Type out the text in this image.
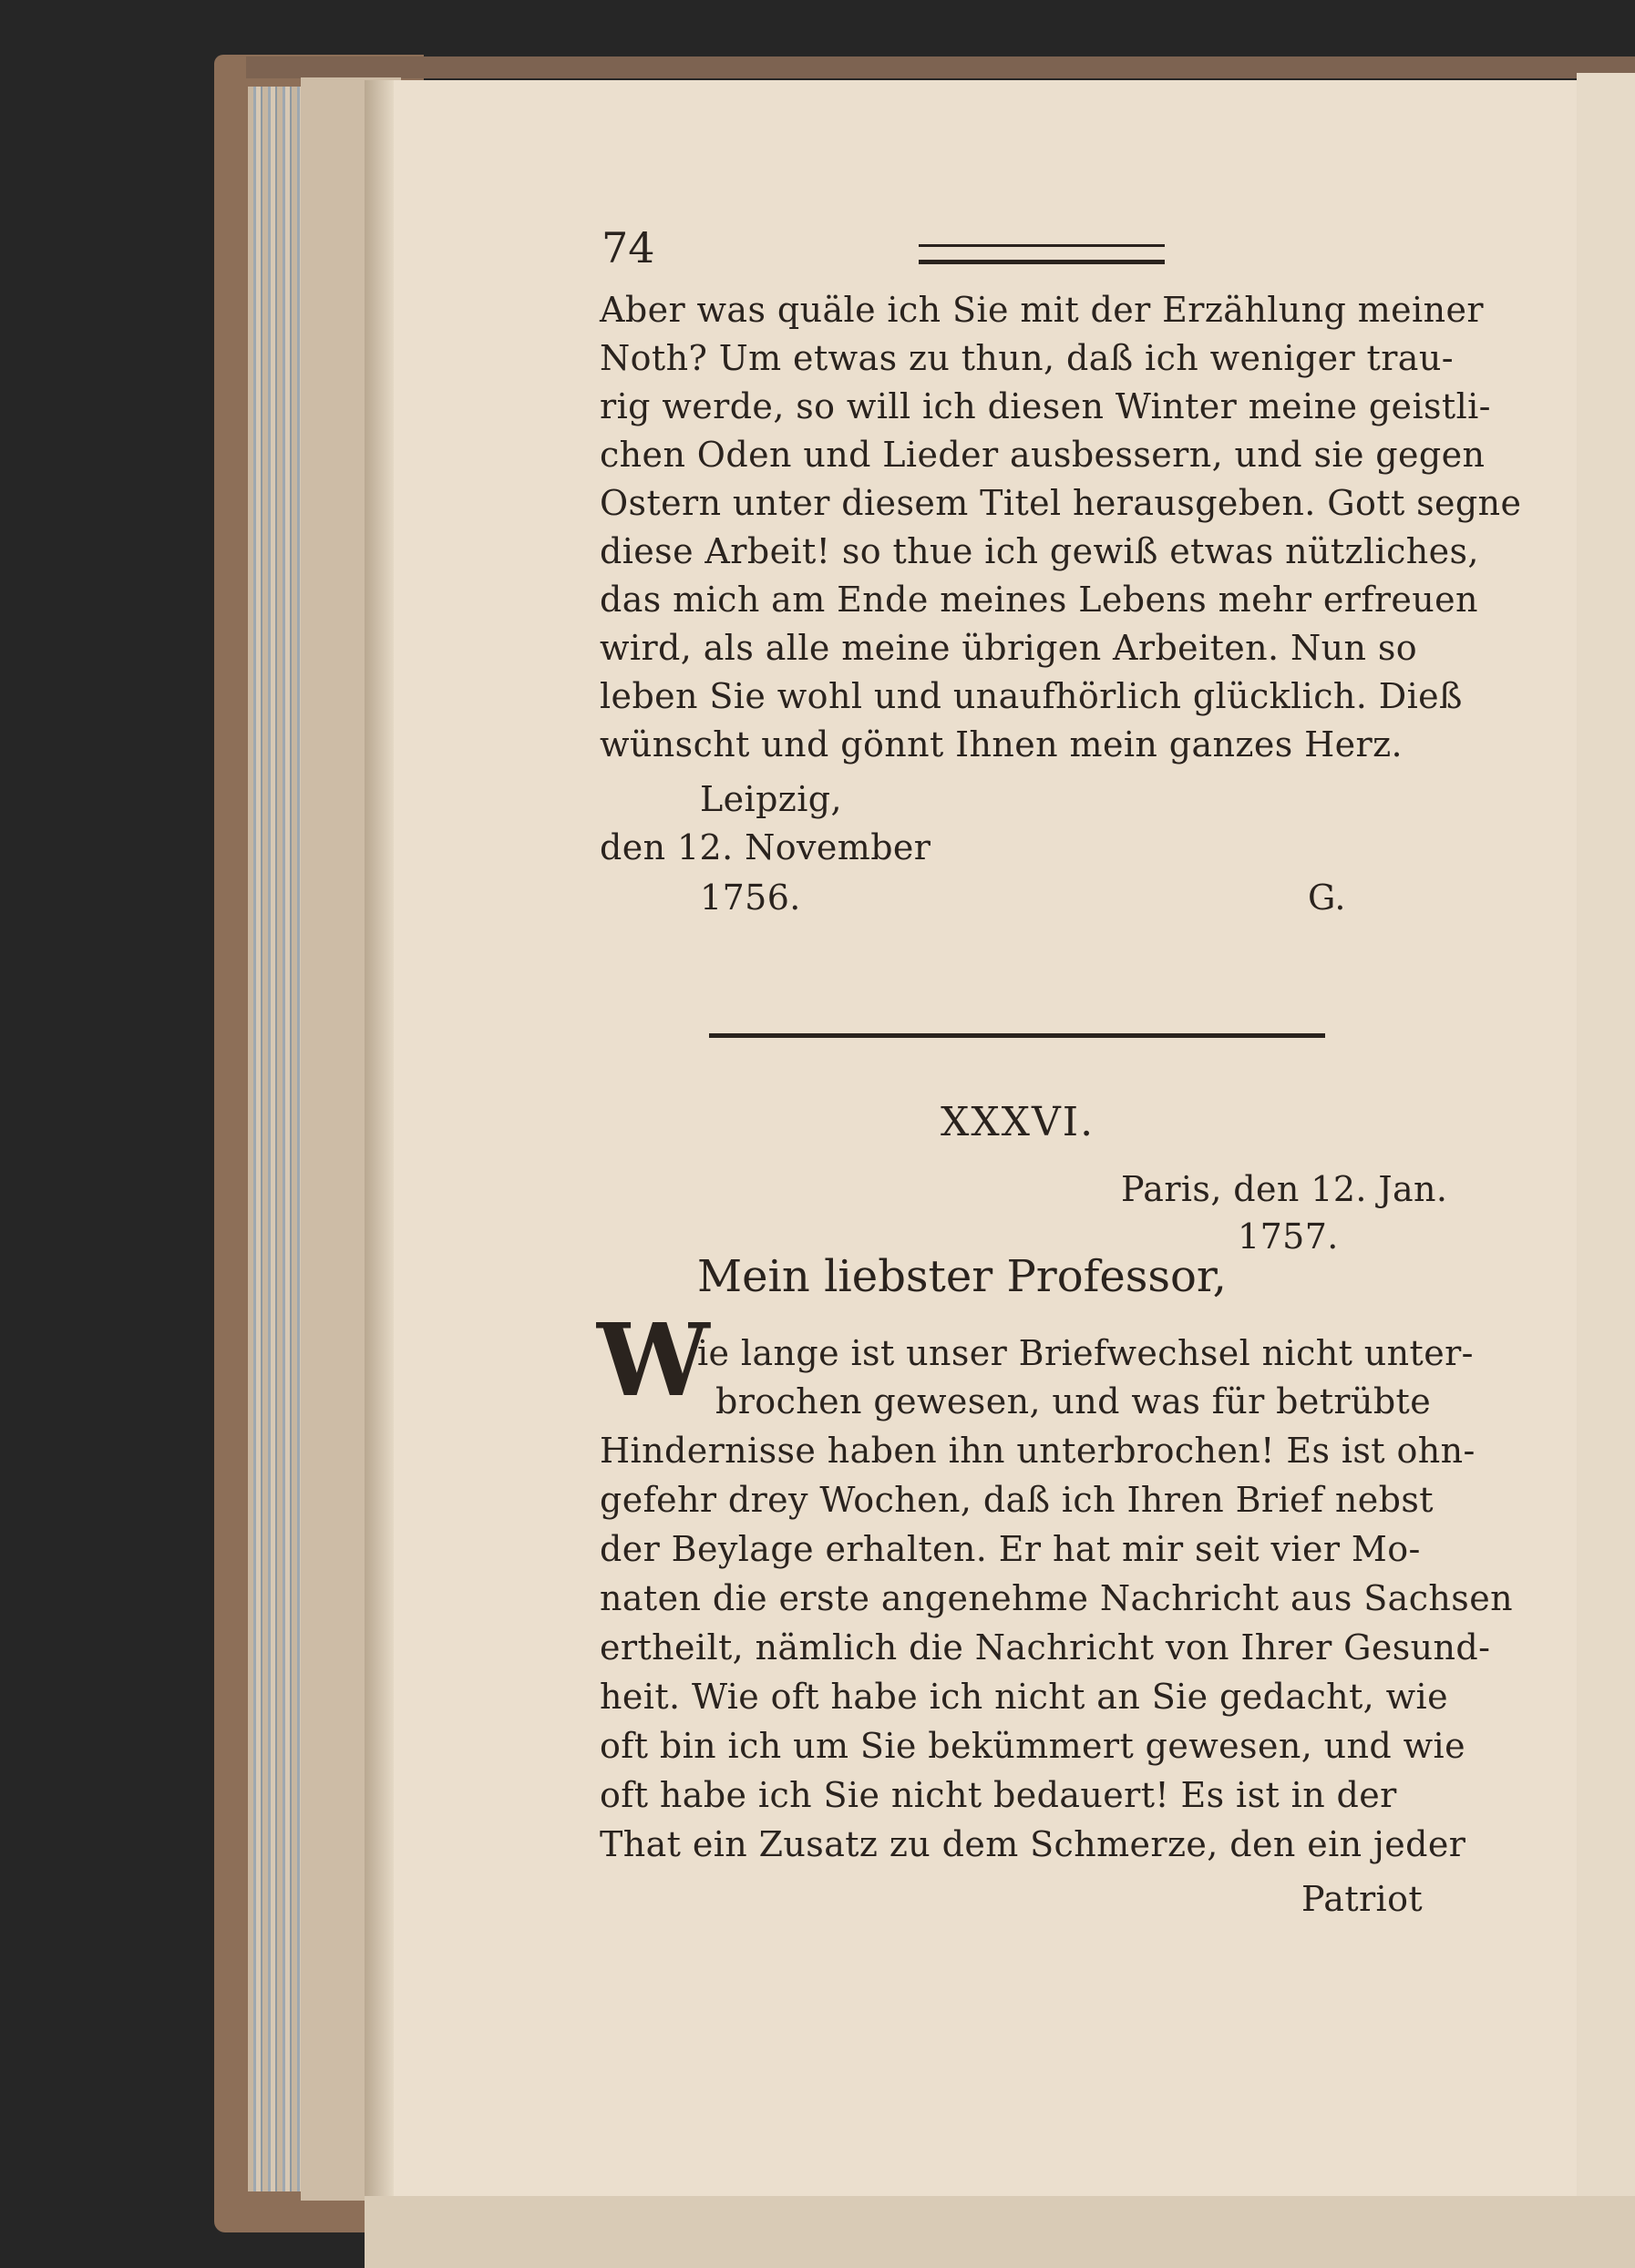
74
Aber was quäle ich Sie mit der Erzählung meiner
Noth? Um etwas zu thun, daß ich weniger trau-
rig werde, so will ich diesen Winter meine geistli-
chen Oden und Lieder ausbessern, und sie gegen
Ostern unter diesem Titel herausgeben. Gott segne
diese Arbeit! so thue ich gewiß etwas nützliches,
das mich am Ende meines Lebens mehr erfreuen
wird, als alle meine übrigen Arbeiten. Nun so
leben Sie wohl und unaufhörlich glücklich. Dieß
wünscht und gönnt Ihnen mein ganzes Herz.
Leipzig,
den 12. November
1756.	G.
XXXVI.
Paris, den 12. Jan.
1757.
Mein liebster Professor,
W
ie lange ist unser Briefwechsel nicht unter-
brochen gewesen, und was für betrübte
Hindernisse haben ihn unterbrochen! Es ist ohn-
gefehr drey Wochen, daß ich Ihren Brief nebst
der Beylage erhalten. Er hat mir seit vier Mo-
naten die erste angenehme Nachricht aus Sachsen
ertheilt, nämlich die Nachricht von Ihrer Gesund-
heit. Wie oft habe ich nicht an Sie gedacht, wie
oft bin ich um Sie bekümmert gewesen, und wie
oft habe ich Sie nicht bedauert! Es ist in der
That ein Zusatz zu dem Schmerze, den ein jeder
Patriot
